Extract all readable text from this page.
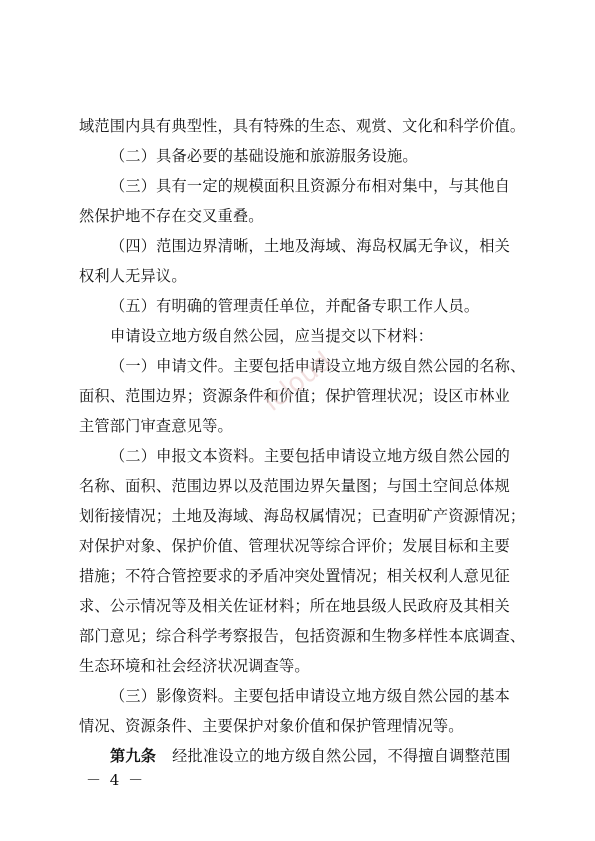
域范围内具有典型性，具有特殊的生态、观赏、文化和科学价值。
（二）具备必要的基础设施和旅游服务设施。
（三）具有一定的规模面积且资源分布相对集中，与其他自
然保护地不存在交叉重叠。
（四）范围边界清晰，土地及海域、海岛权属无争议，相关
权利人无异议。
（五）有明确的管理责任单位，并配备专职工作人员。
申请设立地方级自然公园，应当提交以下材料：
（一）申请文件。主要包括申请设立地方级自然公园的名称、
面积、范围边界；资源条件和价值；保护管理状况；设区市林业
主管部门审查意见等。
（二）申报文本资料。主要包括申请设立地方级自然公园的
名称、面积、范围边界以及范围边界矢量图；与国土空间总体规
划衔接情况；土地及海域、海岛权属情况；已查明矿产资源情况；
对保护对象、保护价值、管理状况等综合评价；发展目标和主要
措施；不符合管控要求的矛盾冲突处置情况；相关权利人意见征
求、公示情况等及相关佐证材料；所在地县级人民政府及其相关
部门意见；综合科学考察报告，包括资源和生物多样性本底调查、
生态环境和社会经济状况调查等。
（三）影像资料。主要包括申请设立地方级自然公园的基本
情况、资源条件、主要保护对象价值和保护管理情况等。
第九条 经批准设立的地方级自然公园，不得擅自调整范围
icloud
－ 4 －
